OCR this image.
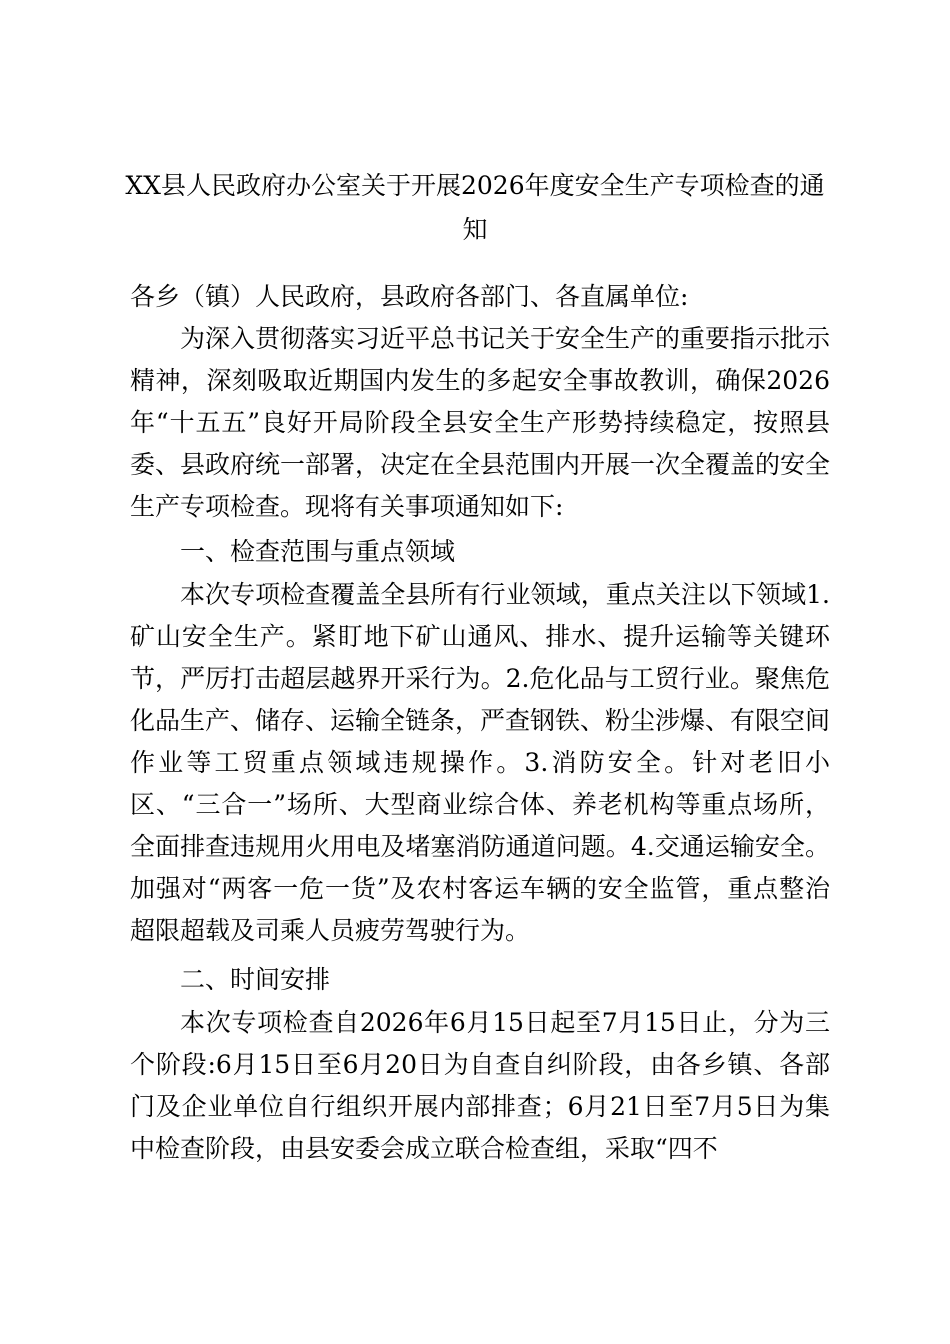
XX县人民政府办公室关于开展2026年度安全生产专项检查的通
知

各乡（镇）人民政府，县政府各部门、各直属单位:

为深入贯彻落实习近平总书记关于安全生产的重要指示批示精神，深刻吸取近期国内发生的多起安全事故教训，确保2026年“十五五”良好开局阶段全县安全生产形势持续稳定，按照县委、县政府统一部署，决定在全县范围内开展一次全覆盖的安全生产专项检查。现将有关事项通知如下:

一、检查范围与重点领域

本次专项检查覆盖全县所有行业领域，重点关注以下领域1.矿山安全生产。紧盯地下矿山通风、排水、提升运输等关键环节，严厉打击超层越界开采行为。2.危化品与工贸行业。聚焦危化品生产、储存、运输全链条，严查钢铁、粉尘涉爆、有限空间作业等工贸重点领域违规操作。3.消防安全。针对老旧小区、“三合一”场所、大型商业综合体、养老机构等重点场所，全面排查违规用火用电及堵塞消防通道问题。4.交通运输安全。加强对“两客一危一货”及农村客运车辆的安全监管，重点整治超限超载及司乘人员疲劳驾驶行为。

二、时间安排

本次专项检查自2026年6月15日起至7月15日止，分为三个阶段:6月15日至6月20日为自查自纠阶段，由各乡镇、各部门及企业单位自行组织开展内部排查；6月21日至7月5日为集中检查阶段，由县安委会成立联合检查组，采取“四不
